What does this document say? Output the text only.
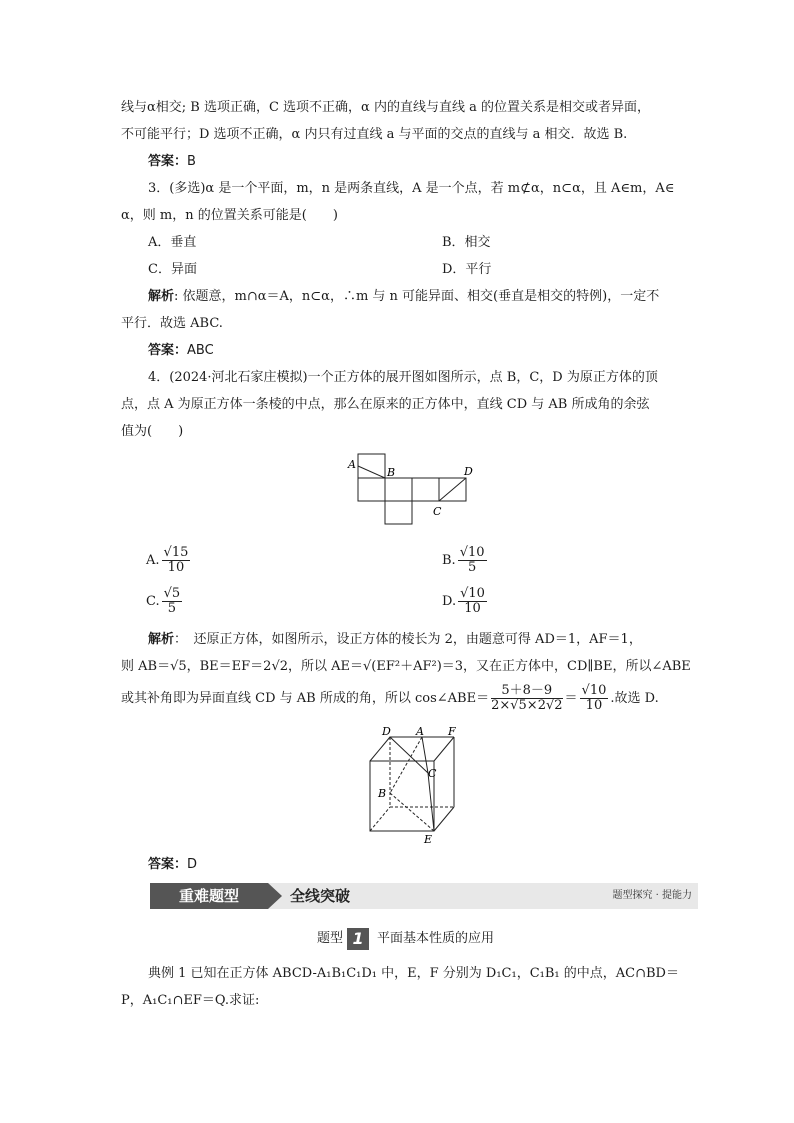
线与α相交; B 选项正确，C 选项不正确，α 内的直线与直线 a 的位置关系是相交或者异面，
不可能平行；D 选项不正确，α 内只有过直线 a 与平面的交点的直线与 a 相交．故选 B.
答案：B
3．(多选)α 是一个平面，m，n 是两条直线，A 是一个点，若 m⊄α，n⊂α，且 A∈m，A∈
α，则 m，n 的位置关系可能是(　　)
A．垂直	B．相交
C．异面	D．平行
解析: 依题意，m∩α＝A，n⊂α，∴m 与 n 可能异面、相交(垂直是相交的特例)，一定不
平行．故选 ABC.
答案：ABC
4．(2024·河北石家庄模拟)一个正方体的展开图如图所示，点 B，C，D 为原正方体的顶
点，点 A 为原正方体一条棱的中点，那么在原来的正方体中，直线 CD 与 AB 所成角的余弦
值为(　　)
A
B	D
C
A. $\frac{√15}{10}$	B. $\frac{√10}{5}$
C. $\frac{√5}{5}$	D. $\frac{√10}{10}$
解析：　还原正方体，如图所示，设正方体的棱长为 2，由题意可得 AD＝1，AF＝1，
则 AB＝√5，BE＝EF＝2√2，所以 AE＝√(EF²＋AF²)＝3，又在正方体中，CD∥BE，所以∠ABE
或其补角即为异面直线 CD 与 AB 所成的角，所以 cos∠ABE＝ $\frac{5+8-9}{2\times√5\times 2√2} = \frac{√10}{10}$ .故选 D.
D A F
C
B
E
答案：D
重难题型	全线突破	题型探究 · 提能力
题型 1 平面基本性质的应用
典例 1 已知在正方体 ABCD-A₁B₁C₁D₁ 中，E，F 分别为 D₁C₁，C₁B₁ 的中点，AC∩BD＝
P，A₁C₁∩EF＝Q.求证:
